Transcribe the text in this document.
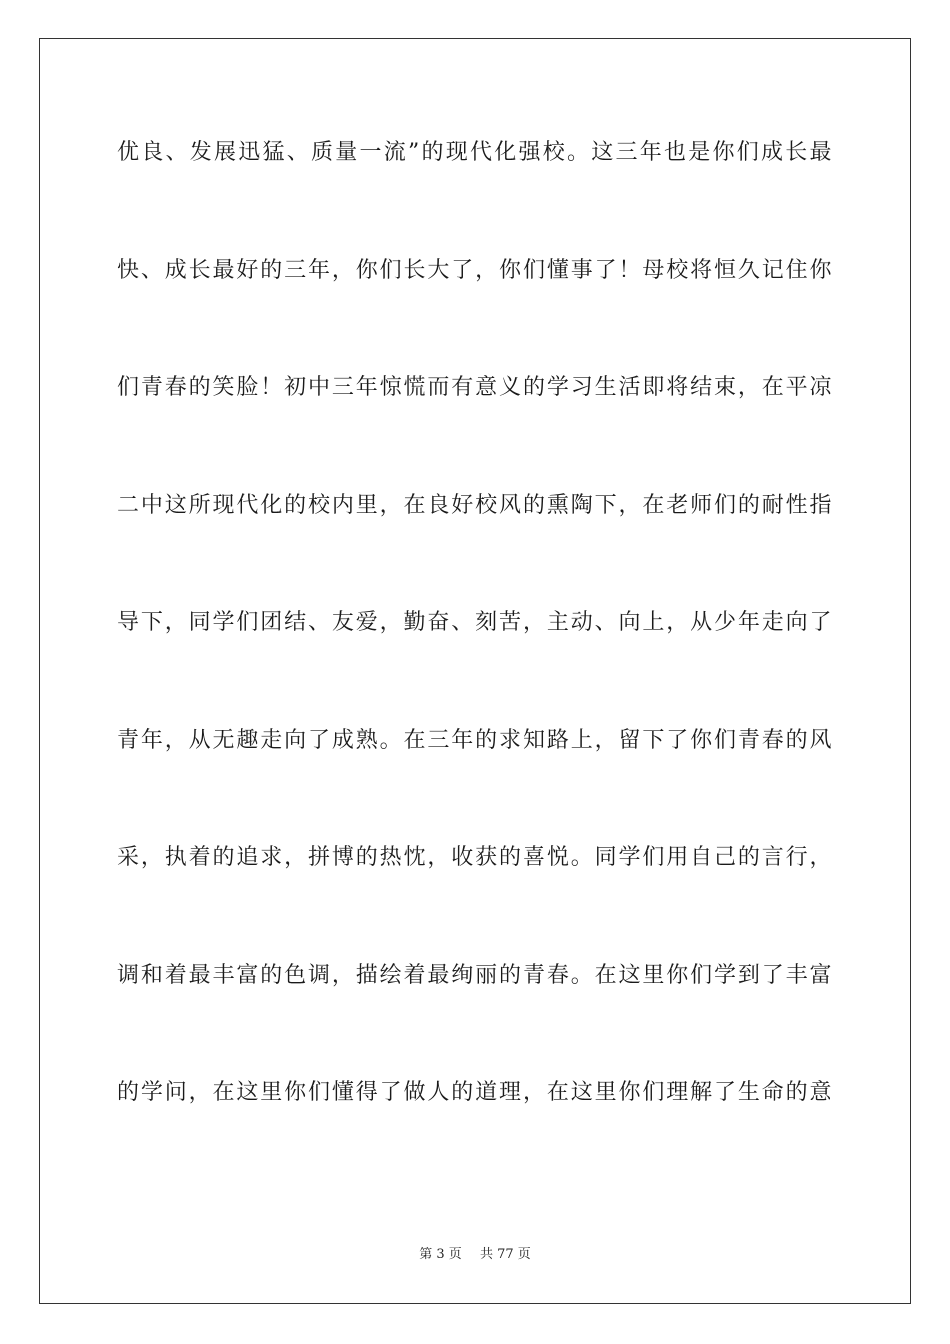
优良、发展迅猛、质量一流”的现代化强校。这三年也是你们成长最
快、成长最好的三年，你们长大了，你们懂事了！母校将恒久记住你
们青春的笑脸！初中三年惊慌而有意义的学习生活即将结束，在平凉
二中这所现代化的校内里，在良好校风的熏陶下，在老师们的耐性指
导下，同学们团结、友爱，勤奋、刻苦，主动、向上，从少年走向了
青年，从无趣走向了成熟。在三年的求知路上，留下了你们青春的风
采，执着的追求，拼博的热忱，收获的喜悦。同学们用自己的言行，
调和着最丰富的色调，描绘着最绚丽的青春。在这里你们学到了丰富
的学问，在这里你们懂得了做人的道理，在这里你们理解了生命的意
第 3 页 共 77 页
